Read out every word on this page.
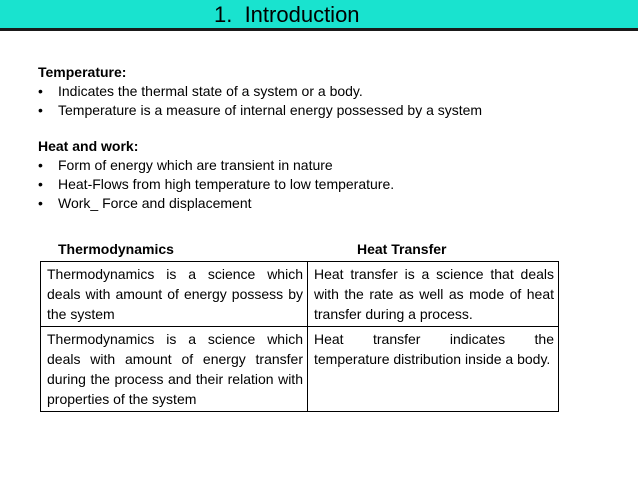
1.  Introduction
Temperature:
• Indicates the thermal state of a system or a body.
• Temperature is a measure of internal energy possessed by a system
Heat and work:
• Form of energy which are transient in nature
• Heat-Flows from high temperature to low temperature.
• Work_ Force and displacement
Thermodynamics	Heat Transfer
Thermodynamics is a science which deals with amount of energy possess by the system	Heat transfer is a science that deals with the rate as well as mode of heat transfer during a process.
Thermodynamics is a science which deals with amount of energy transfer during the process and their relation with properties of the system	Heat transfer indicates the temperature distribution inside a body.
